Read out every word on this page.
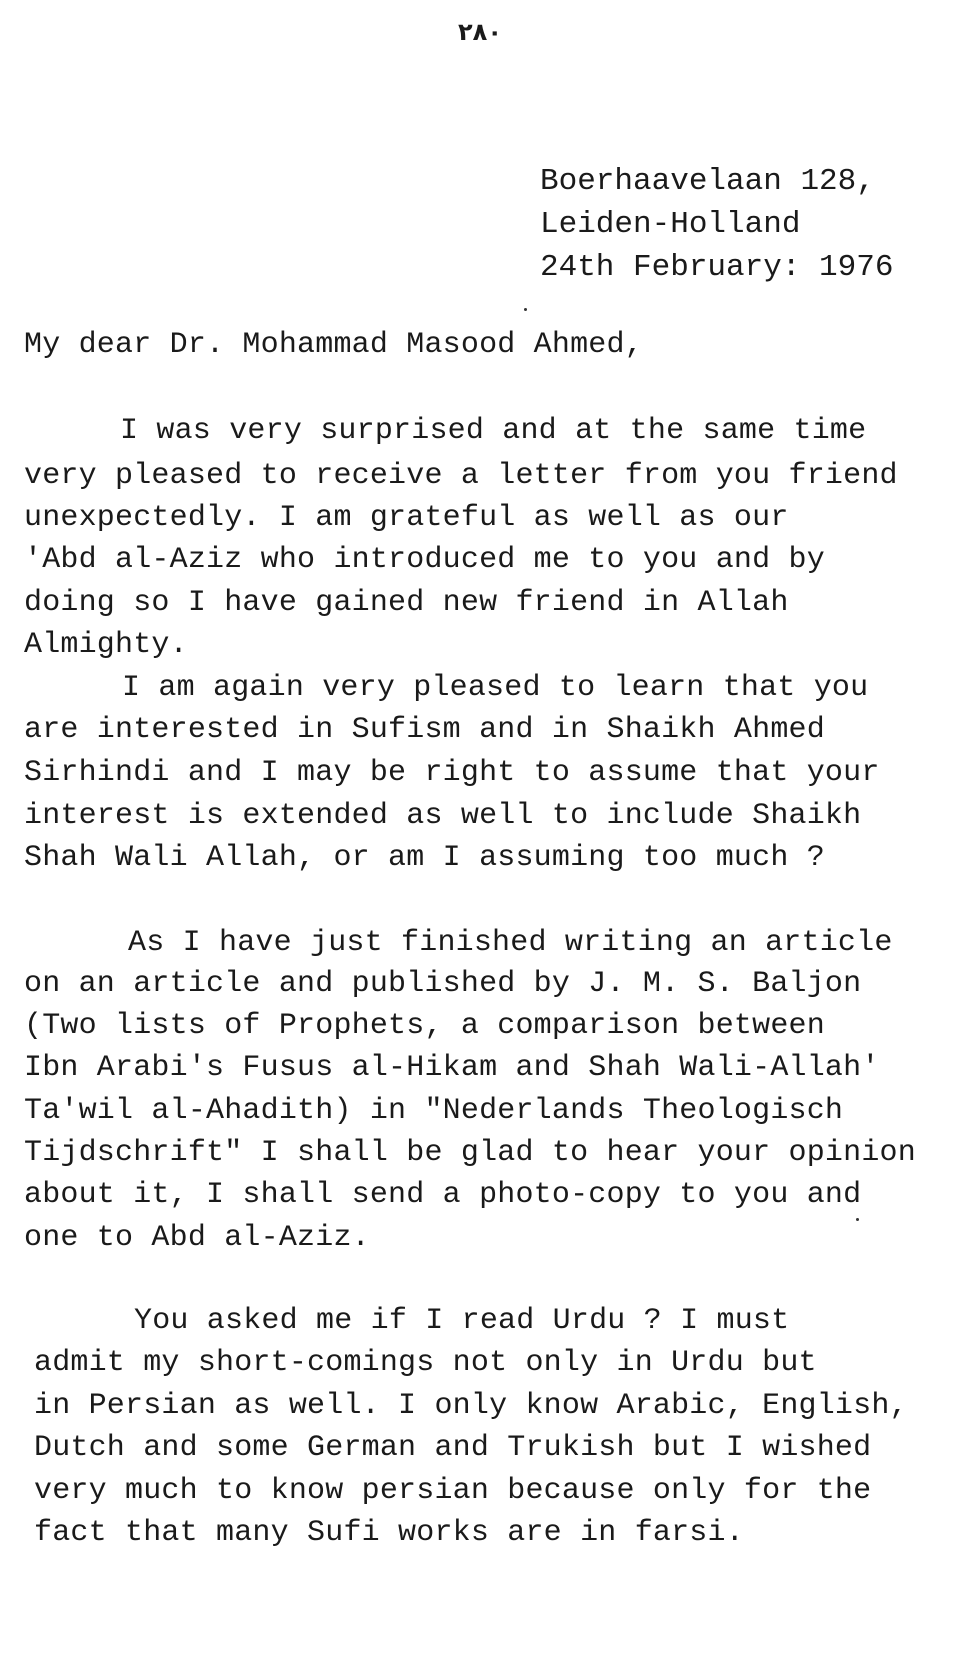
٢٨٠
Boerhaavelaan 128,
Leiden-Holland
24th February: 1976
My dear Dr. Mohammad Masood Ahmed,
I was very surprised and at the same time
very pleased to receive a letter from you friend
unexpectedly. I am grateful as well as our
'Abd al-Aziz who introduced me to you and by
doing so I have gained new friend in Allah
Almighty.
I am again very pleased to learn that you
are interested in Sufism and in Shaikh Ahmed
Sirhindi and I may be right to assume that your
interest is extended as well to include Shaikh
Shah Wali Allah, or am I assuming too much ?
As I have just finished writing an article
on an article and published by J. M. S. Baljon
(Two lists of Prophets, a comparison between
Ibn Arabi's Fusus al-Hikam and Shah Wali-Allah'
Ta'wil al-Ahadith) in "Nederlands Theologisch
Tijdschrift" I shall be glad to hear your opinion
about it, I shall send a photo-copy to you and
one to Abd al-Aziz.
You asked me if I read Urdu ? I must
admit my short-comings not only in Urdu but
in Persian as well. I only know Arabic, English,
Dutch and some German and Trukish but I wished
very much to know persian because only for the
fact that many Sufi works are in farsi.
